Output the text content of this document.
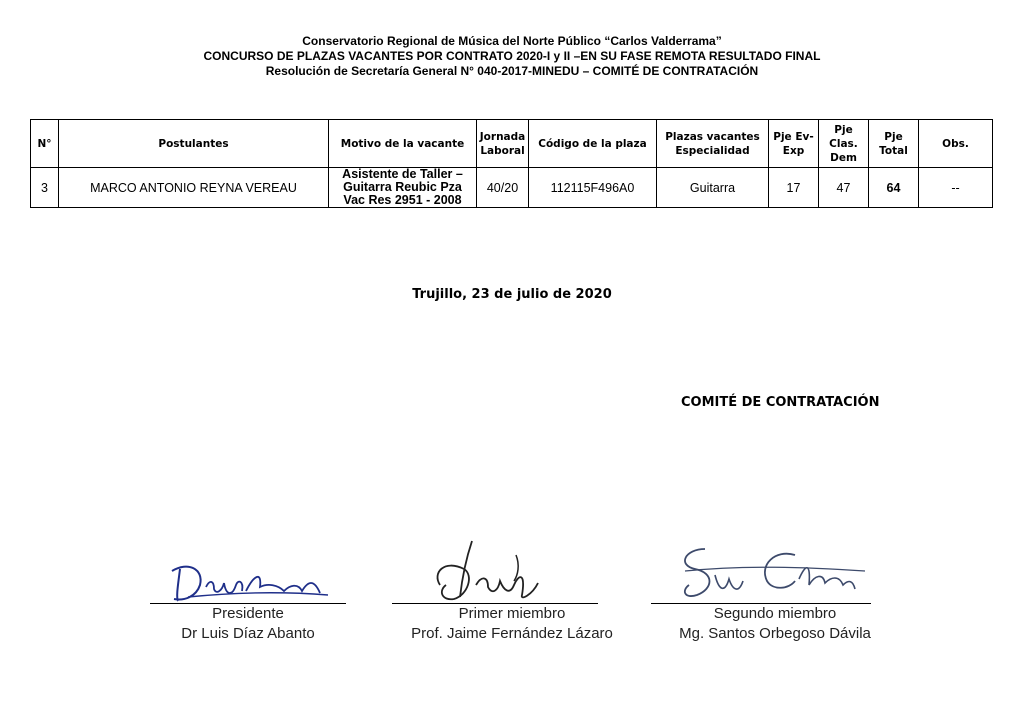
Conservatorio Regional de Música del Norte Público “Carlos Valderrama”
CONCURSO DE PLAZAS VACANTES POR CONTRATO 2020-I y II –EN SU FASE REMOTA RESULTADO FINAL
Resolución de Secretaría General N° 040-2017-MINEDU – COMITÉ DE CONTRATACIÓN
N°	Postulantes	Motivo de la vacante	Jornada Laboral	Código de la plaza	Plazas vacantes Especialidad	Pje Ev-Exp	Pje Clas. Dem	Pje Total	Obs.
3	MARCO ANTONIO REYNA VEREAU	Asistente de Taller – Guitarra Reubic Pza Vac Res 2951 - 2008	40/20	112115F496A0	Guitarra	17	47	64	--
Trujillo, 23 de julio de 2020
COMITÉ DE CONTRATACIÓN
Presidente
Dr Luis Díaz Abanto
Primer miembro
Prof. Jaime Fernández Lázaro
Segundo miembro
Mg. Santos Orbegoso Dávila
